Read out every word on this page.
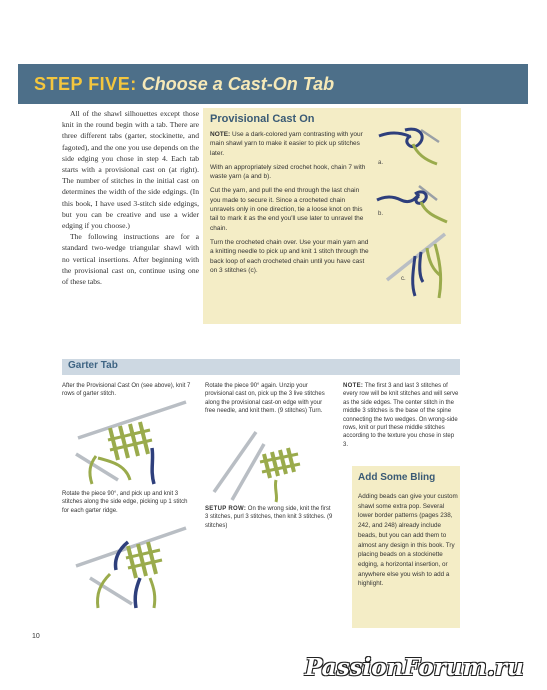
STEP FIVE: Choose a Cast-On Tab

All of the shawl silhouettes except those knit in the round begin with a tab. There are three different tabs (garter, stockinette, and fagoted), and the one you use depends on the side edging you chose in step 4. Each tab starts with a provisional cast on (at right). The number of stitches in the initial cast on determines the width of the side edgings. (In this book, I have used 3-stitch side edgings, but you can be creative and use a wider edging if you choose.)

The following instructions are for a standard two-wedge triangular shawl with no vertical insertions. After beginning with the provisional cast on, continue using one of these tabs.

Provisional Cast On

NOTE: Use a dark-colored yarn contrasting with your main shawl yarn to make it easier to pick up stitches later.

With an appropriately sized crochet hook, chain 7 with waste yarn (a and b).

Cut the yarn, and pull the end through the last chain you made to secure it. Since a crocheted chain unravels only in one direction, tie a loose knot on this tail to mark it as the end you'll use later to unravel the chain.

Turn the crocheted chain over. Use your main yarn and a knitting needle to pick up and knit 1 stitch through the back loop of each crocheted chain until you have cast on 3 stitches (c).

a.
b.
c.
Garter Tab

After the Provisional Cast On (see above), knit 7 rows of garter stitch.

Rotate the piece 90°, and pick up and knit 3 stitches along the side edge, picking up 1 stitch for each garter ridge.

Rotate the piece 90° again. Unzip your provisional cast on, pick up the 3 live stitches along the provisional cast-on edge with your free needle, and knit them. (9 stitches) Turn.

SETUP ROW: On the wrong side, knit the first 3 stitches, purl 3 stitches, then knit 3 stitches. (9 stitches)

NOTE: The first 3 and last 3 stitches of every row will be knit stitches and will serve as the side edges. The center stitch in the middle 3 stitches is the base of the spine connecting the two wedges. On wrong-side rows, knit or purl these middle stitches according to the texture you chose in step 3.

Add Some Bling

Adding beads can give your custom shawl some extra pop. Several lower border patterns (pages 238, 242, and 248) already include beads, but you can add them to almost any design in this book. Try placing beads on a stockinette edging, a horizontal insertion, or anywhere else you wish to add a highlight.

10

PassionForum.ru
